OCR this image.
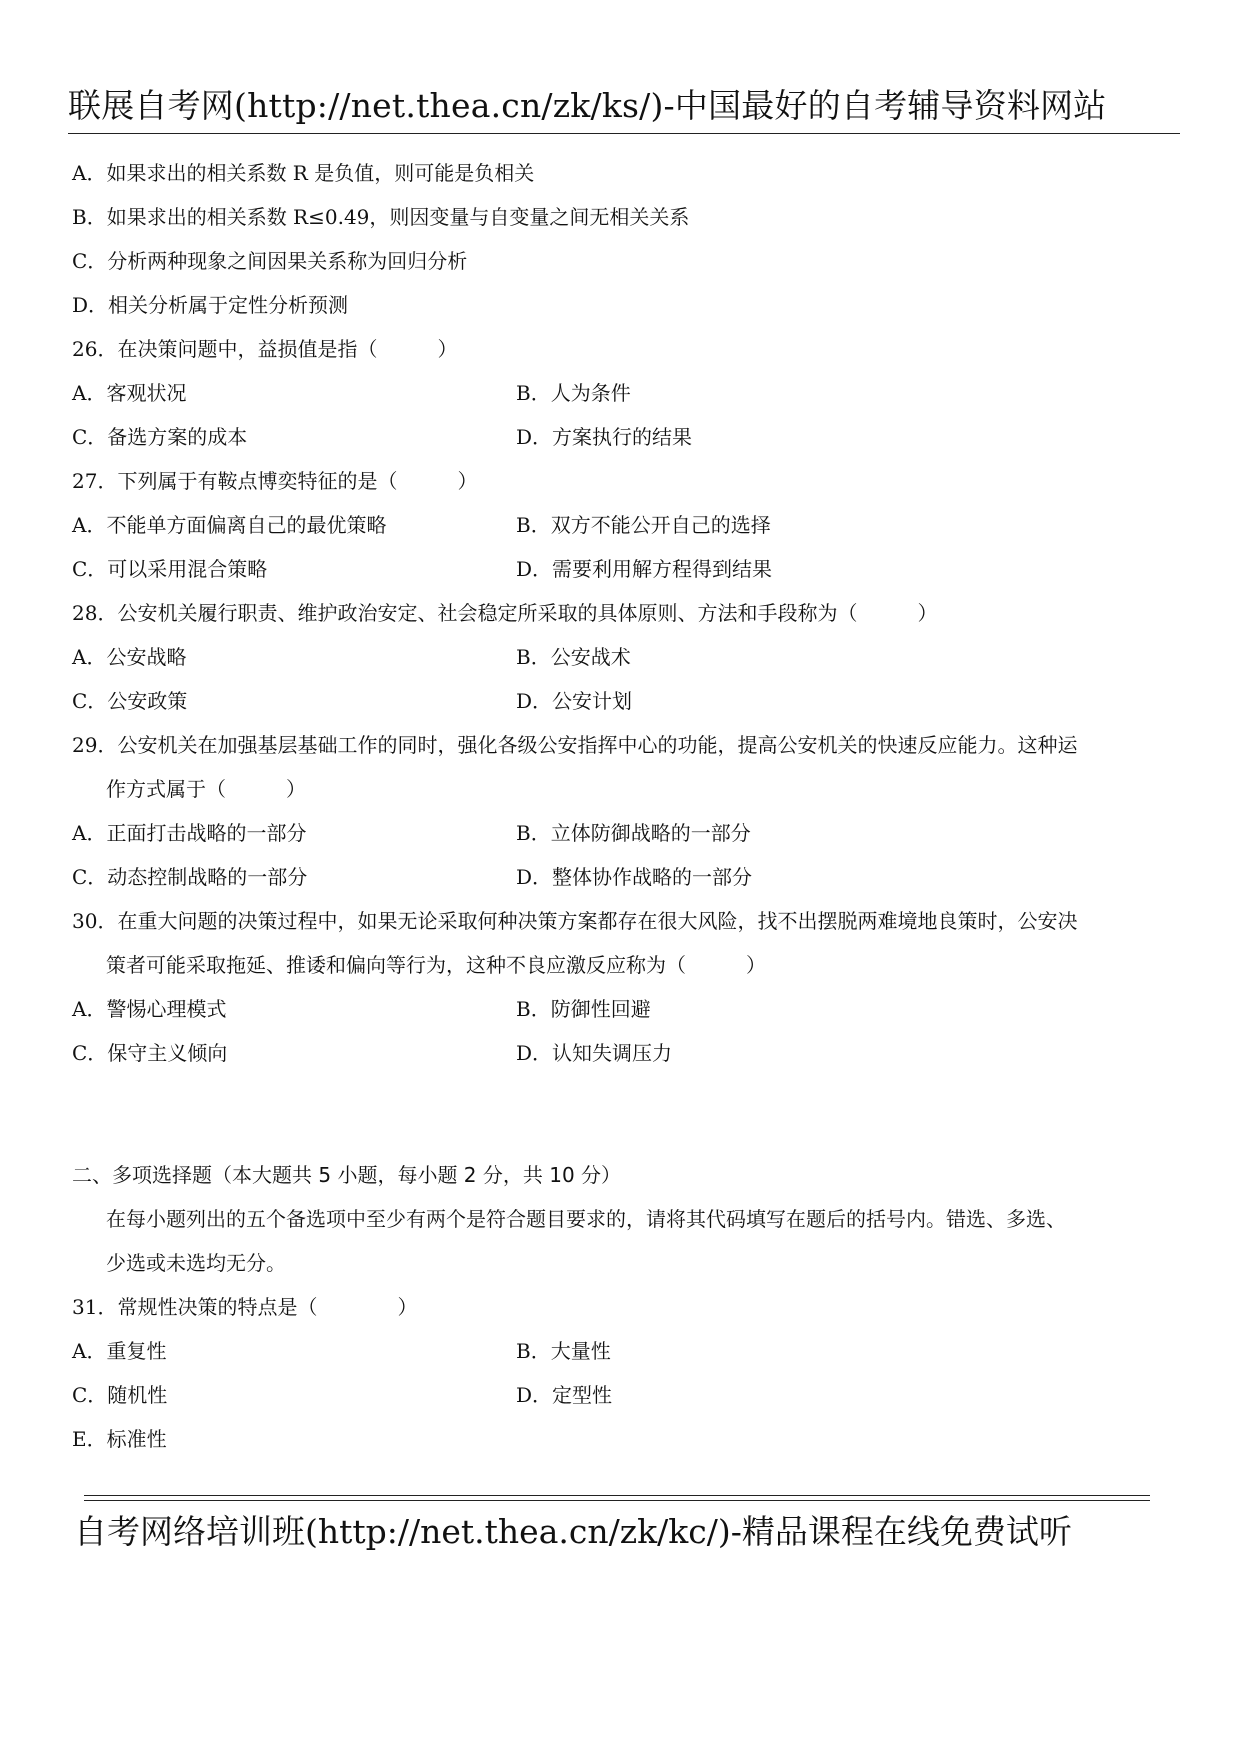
联展自考网(http://net.thea.cn/zk/ks/)-中国最好的自考辅导资料网站
A．如果求出的相关系数 R 是负值，则可能是负相关
B．如果求出的相关系数 R≤0.49，则因变量与自变量之间无相关关系
C．分析两种现象之间因果关系称为回归分析
D．相关分析属于定性分析预测
26．在决策问题中，益损值是指（　　　）
A．客观状况	B．人为条件
C．备选方案的成本	D．方案执行的结果
27．下列属于有鞍点博奕特征的是（　　　）
A．不能单方面偏离自己的最优策略	B．双方不能公开自己的选择
C．可以采用混合策略	D．需要利用解方程得到结果
28．公安机关履行职责、维护政治安定、社会稳定所采取的具体原则、方法和手段称为（　　　）
A．公安战略	B．公安战术
C．公安政策	D．公安计划
29．公安机关在加强基层基础工作的同时，强化各级公安指挥中心的功能，提高公安机关的快速反应能力。这种运
作方式属于（　　　）
A．正面打击战略的一部分	B．立体防御战略的一部分
C．动态控制战略的一部分	D．整体协作战略的一部分
30．在重大问题的决策过程中，如果无论采取何种决策方案都存在很大风险，找不出摆脱两难境地良策时，公安决
策者可能采取拖延、推诿和偏向等行为，这种不良应激反应称为（　　　）
A．警惕心理模式	B．防御性回避
C．保守主义倾向	D．认知失调压力
二、多项选择题（本大题共 5 小题，每小题 2 分，共 10 分）
在每小题列出的五个备选项中至少有两个是符合题目要求的，请将其代码填写在题后的括号内。错选、多选、
少选或未选均无分。
31．常规性决策的特点是（　　　　）
A．重复性	B．大量性
C．随机性	D．定型性
E．标准性
自考网络培训班(http://net.thea.cn/zk/kc/)-精品课程在线免费试听
